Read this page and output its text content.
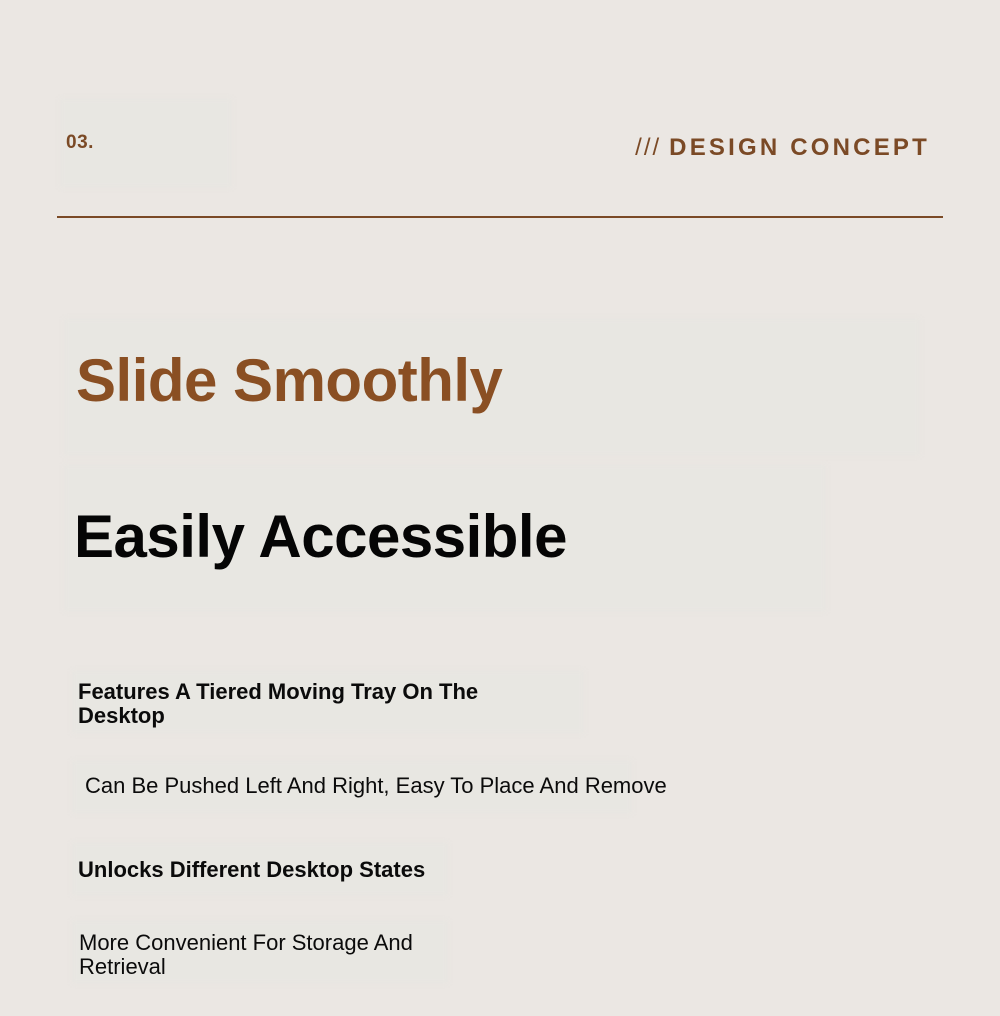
03.	/// DESIGN CONCEPT
Slide Smoothly
Easily Accessible
Features A Tiered Moving Tray On The Desktop
Can Be Pushed Left And Right, Easy To Place And Remove
Unlocks Different Desktop States
More Convenient For Storage And Retrieval
